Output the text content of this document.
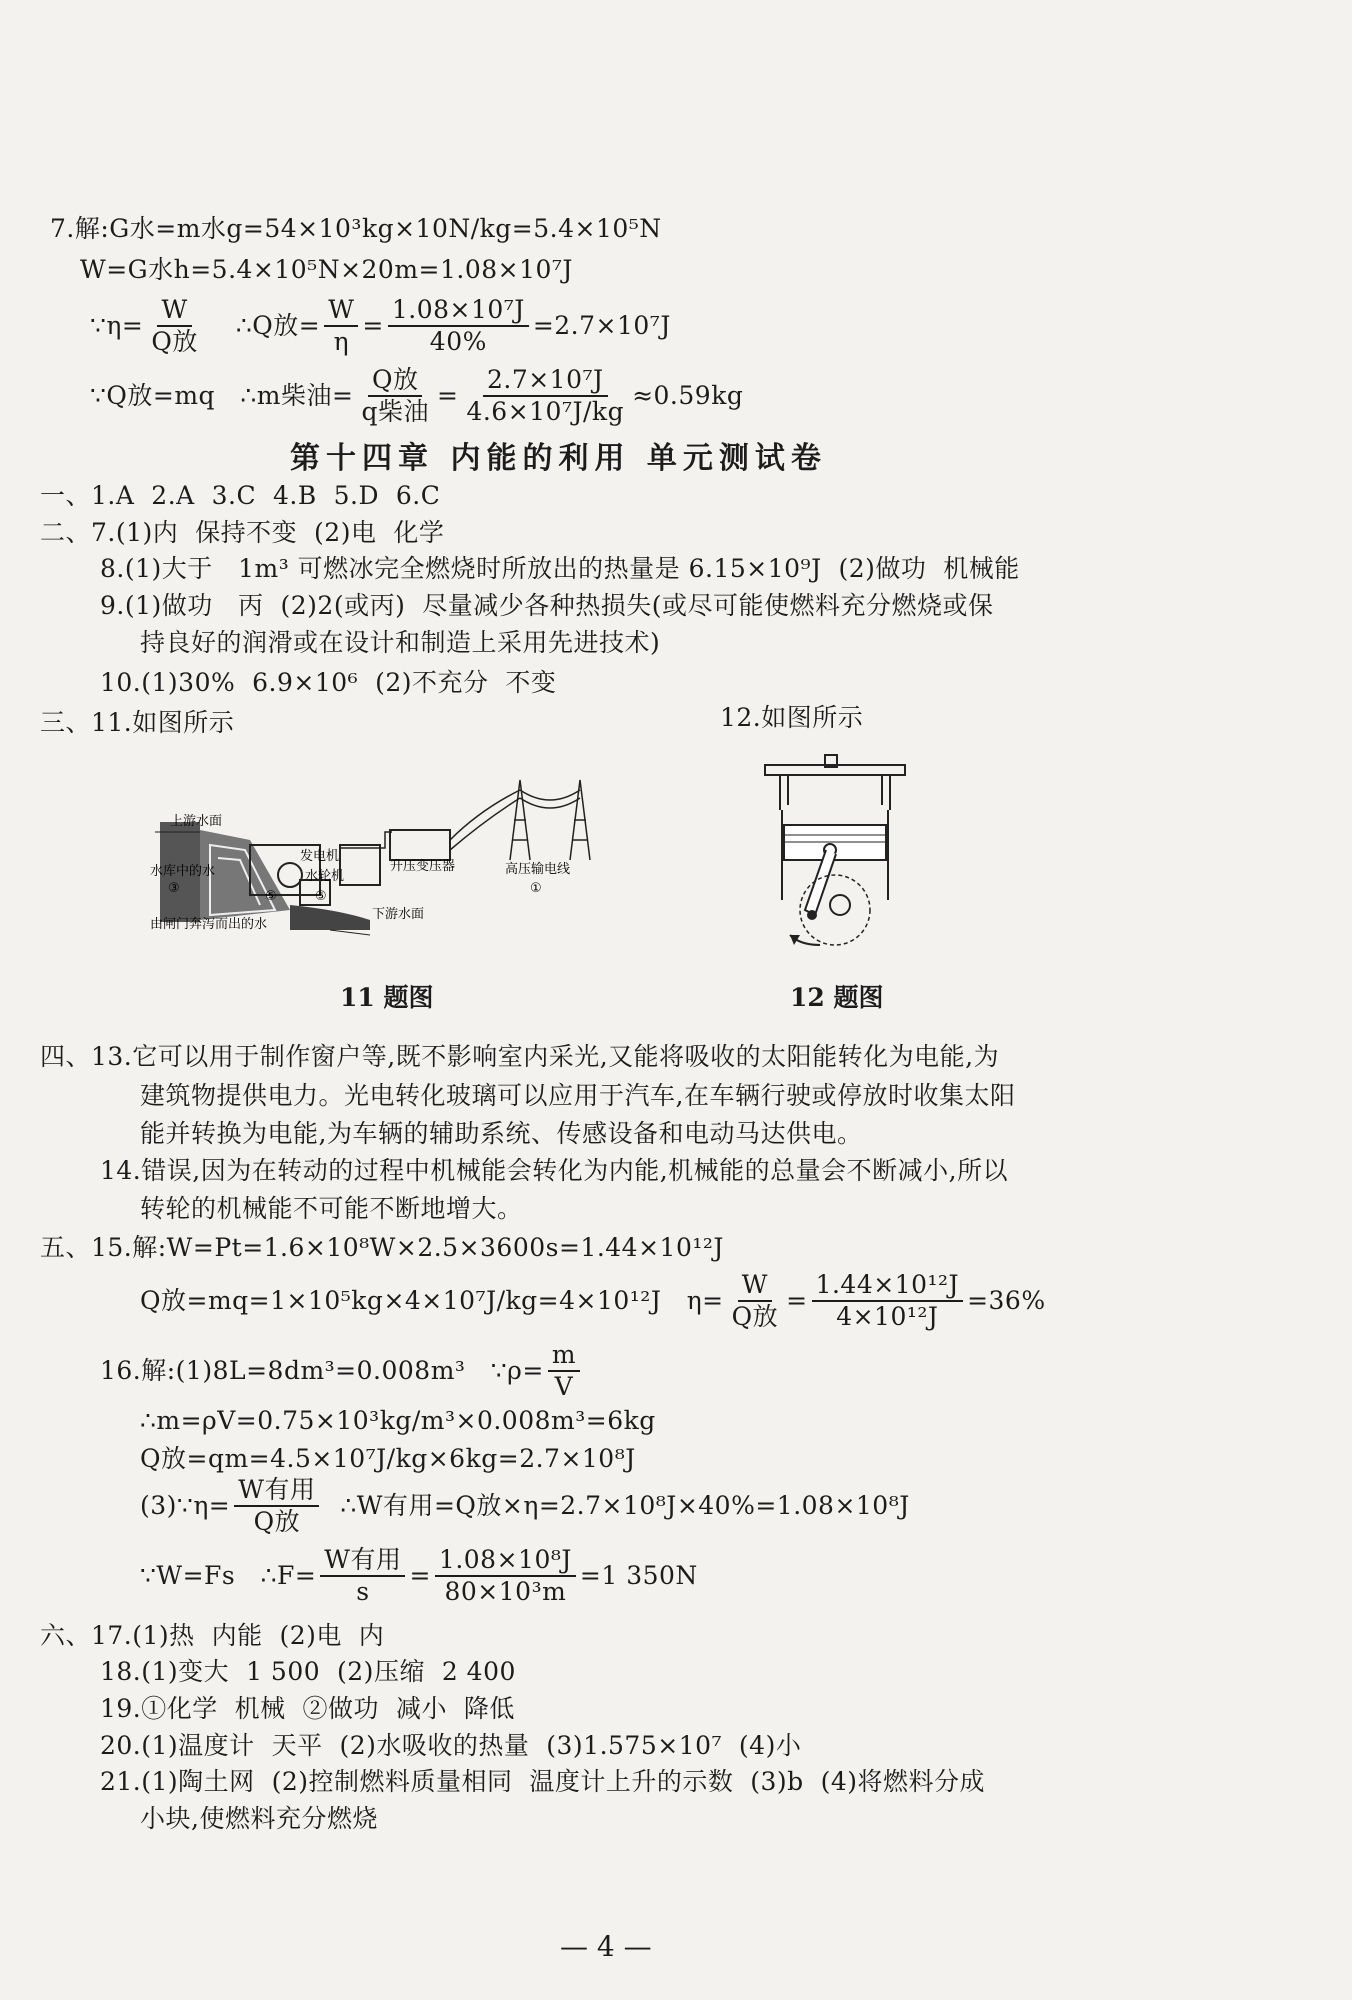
7.解:G水=m水g=54×10³kg×10N/kg=5.4×10⁵N
W=G水h=5.4×10⁵N×20m=1.08×10⁷J
∵η= $\frac{W}{\text{Q放}}$ ∴Q放= $\frac{W}{\eta} = \frac{\text{1.08×10⁷J}}{40\%} =2.7\times 10^7J$
∵Q放=mq   ∴m柴油= $\frac{\text{Q放}}{\text{q柴油}} = \frac{\text{2.7×10⁷J}}{\text{4.6×10⁷J/kg}} \approx 0.59kg$
第十四章 内能的利用 单元测试卷
一、1.A  2.A  3.C  4.B  5.D  6.C
二、7.(1)内  保持不变  (2)电  化学
8.(1)大于   1m³ 可燃冰完全燃烧时所放出的热量是 6.15×10⁹J  (2)做功  机械能
9.(1)做功   丙  (2)2(或丙)  尽量减少各种热损失(或尽可能使燃料充分燃烧或保
持良好的润滑或在设计和制造上采用先进技术)
10.(1)30%  6.9×10⁶  (2)不充分  不变
三、11.如图所示	12.如图所示
上游水面
水库中的水
③
发电机
水轮机
⑤	⑤
升压变压器	高压输电线
①
由闸门奔泻而出的水
下游水面
11 题图	12 题图
四、13.它可以用于制作窗户等,既不影响室内采光,又能将吸收的太阳能转化为电能,为
建筑物提供电力。光电转化玻璃可以应用于汽车,在车辆行驶或停放时收集太阳
能并转换为电能,为车辆的辅助系统、传感设备和电动马达供电。
14.错误,因为在转动的过程中机械能会转化为内能,机械能的总量会不断减小,所以
转轮的机械能不可能不断地增大。
五、15.解:W=Pt=1.6×10⁸W×2.5×3600s=1.44×10¹²J
Q放=mq=1×10⁵kg×4×10⁷J/kg=4×10¹²J   $\eta= \frac{W}{\text{Q放}} = \frac{\text{1.44×10¹²J}}{\text{4×10¹²J}} =36\%$
16.解:(1)8L=8dm³=0.008m³   ∵ρ= $\frac{m}{V}$
∴m=ρV=0.75×10³kg/m³×0.008m³=6kg
Q放=qm=4.5×10⁷J/kg×6kg=2.7×10⁸J
(3)∵η= $\frac{\text{W有用}}{\text{Q放}}$ ∴W有用=Q放×η=2.7×10⁸J×40%=1.08×10⁸J
∵W=Fs   ∴F= $\frac{\text{W有用}}{s} = \frac{\text{1.08×10⁸J}}{\text{80×10³m}} =1$ 350N
六、17.(1)热  内能  (2)电  内
18.(1)变大  1 500  (2)压缩  2 400
19.①化学  机械  ②做功  减小  降低
20.(1)温度计  天平  (2)水吸收的热量  (3)1.575×10⁷  (4)小
21.(1)陶土网  (2)控制燃料质量相同  温度计上升的示数  (3)b  (4)将燃料分成
小块,使燃料充分燃烧
— 4 —
